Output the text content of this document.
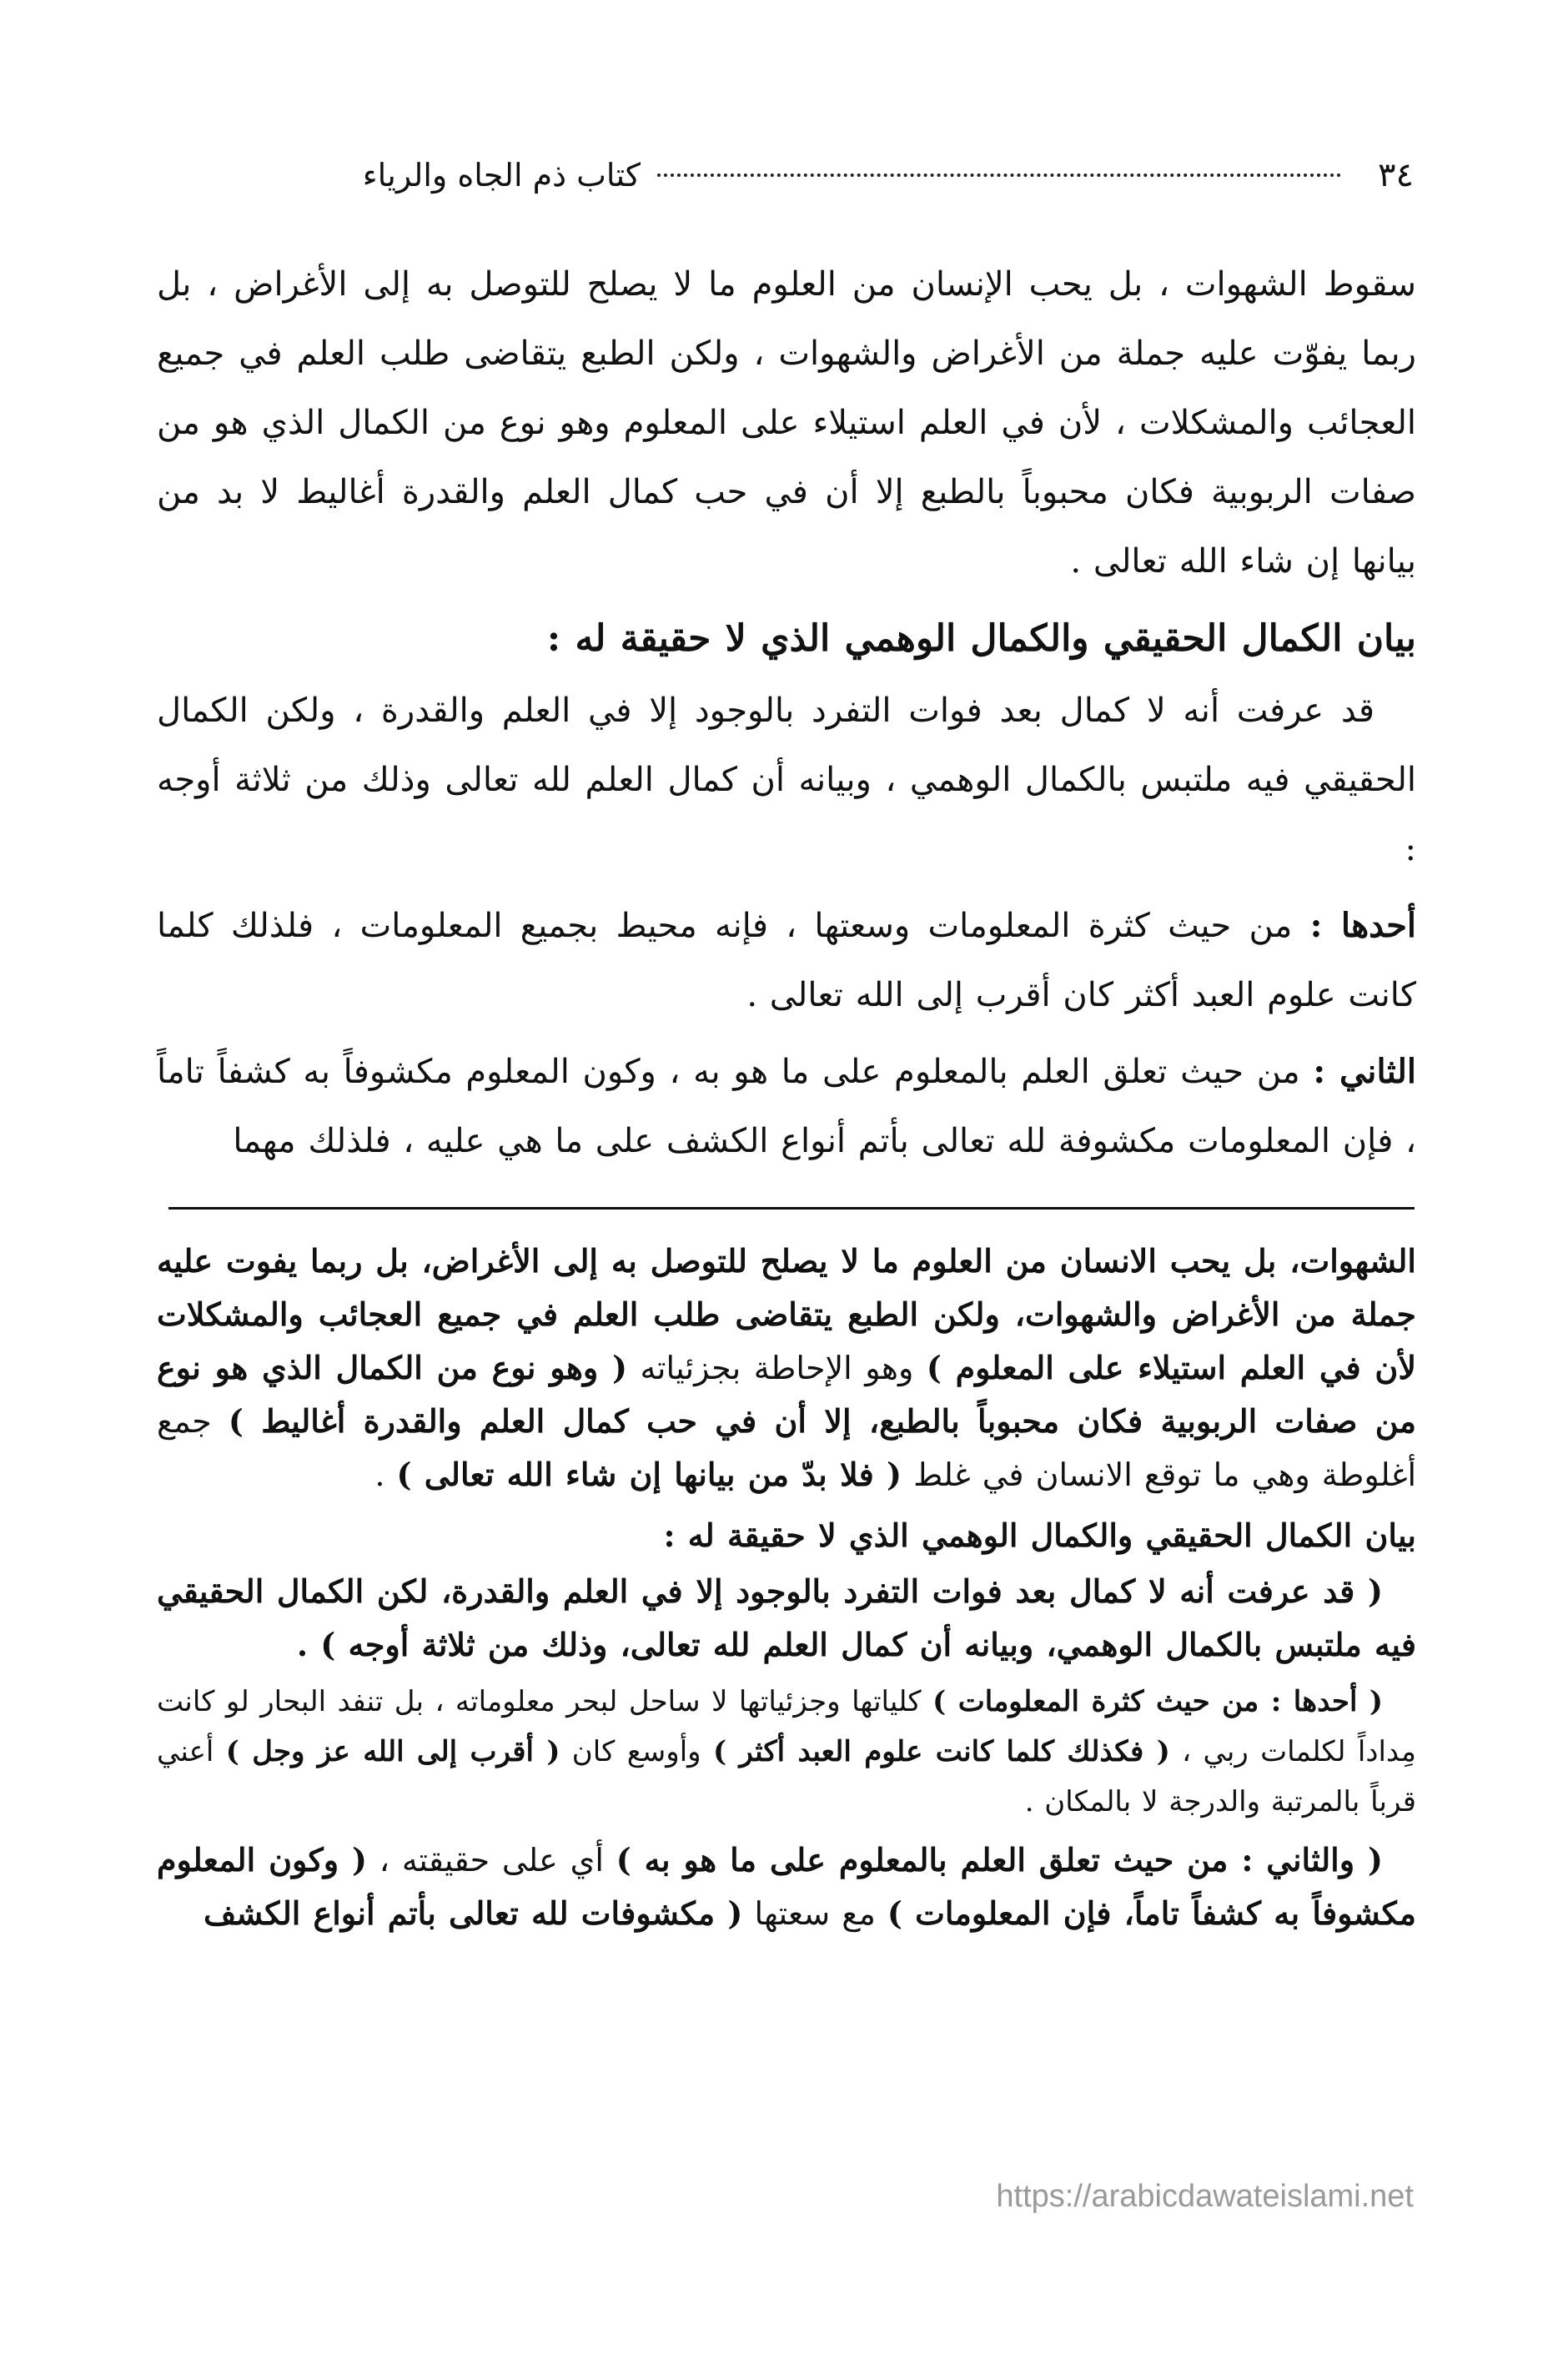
٣٤
كتاب ذم الجاه والرياء

سقوط الشهوات ، بل يحب الإنسان من العلوم ما لا يصلح للتوصل به إلى الأغراض ، بل ربما يفوّت عليه جملة من الأغراض والشهوات ، ولكن الطبع يتقاضى طلب العلم في جميع العجائب والمشكلات ، لأن في العلم استيلاء على المعلوم وهو نوع من الكمال الذي هو من صفات الربوبية فكان محبوباً بالطبع إلا أن في حب كمال العلم والقدرة أغاليط لا بد من بيانها إن شاء الله تعالى .

بيان الكمال الحقيقي والكمال الوهمي الذي لا حقيقة له :

قد عرفت أنه لا كمال بعد فوات التفرد بالوجود إلا في العلم والقدرة ، ولكن الكمال الحقيقي فيه ملتبس بالكمال الوهمي ، وبيانه أن كمال العلم لله تعالى وذلك من ثلاثة أوجه :

أحدها : من حيث كثرة المعلومات وسعتها ، فإنه محيط بجميع المعلومات ، فلذلك كلما كانت علوم العبد أكثر كان أقرب إلى الله تعالى .

الثاني : من حيث تعلق العلم بالمعلوم على ما هو به ، وكون المعلوم مكشوفاً به كشفاً تاماً ، فإن المعلومات مكشوفة لله تعالى بأتم أنواع الكشف على ما هي عليه ، فلذلك مهما

الشهوات، بل يحب الانسان من العلوم ما لا يصلح للتوصل به إلى الأغراض، بل ربما يفوت عليه جملة من الأغراض والشهوات، ولكن الطبع يتقاضى طلب العلم في جميع العجائب والمشكلات لأن في العلم استيلاء على المعلوم ) وهو الإحاطة بجزئياته ( وهو نوع من الكمال الذي هو نوع من صفات الربوبية فكان محبوباً بالطبع، إلا أن في حب كمال العلم والقدرة أغاليط ) جمع أغلوطة وهي ما توقع الانسان في غلط ( فلا بدّ من بيانها إن شاء الله تعالى ) .

بيان الكمال الحقيقي والكمال الوهمي الذي لا حقيقة له :

( قد عرفت أنه لا كمال بعد فوات التفرد بالوجود إلا في العلم والقدرة، لكن الكمال الحقيقي فيه ملتبس بالكمال الوهمي، وبيانه أن كمال العلم لله تعالى، وذلك من ثلاثة أوجه ) .

( أحدها : من حيث كثرة المعلومات ) كلياتها وجزئياتها لا ساحل لبحر معلوماته ، بل تنفد البحار لو كانت مِداداً لكلمات ربي ، ( فكذلك كلما كانت علوم العبد أكثر ) وأوسع كان ( أقرب إلى الله عز وجل ) أعني قرباً بالمرتبة والدرجة لا بالمكان .

( والثاني : من حيث تعلق العلم بالمعلوم على ما هو به ) أي على حقيقته ، ( وكون المعلوم مكشوفاً به كشفاً تاماً، فإن المعلومات ) مع سعتها ( مكشوفات لله تعالى بأتم أنواع الكشف

https://arabicdawateislami.net
